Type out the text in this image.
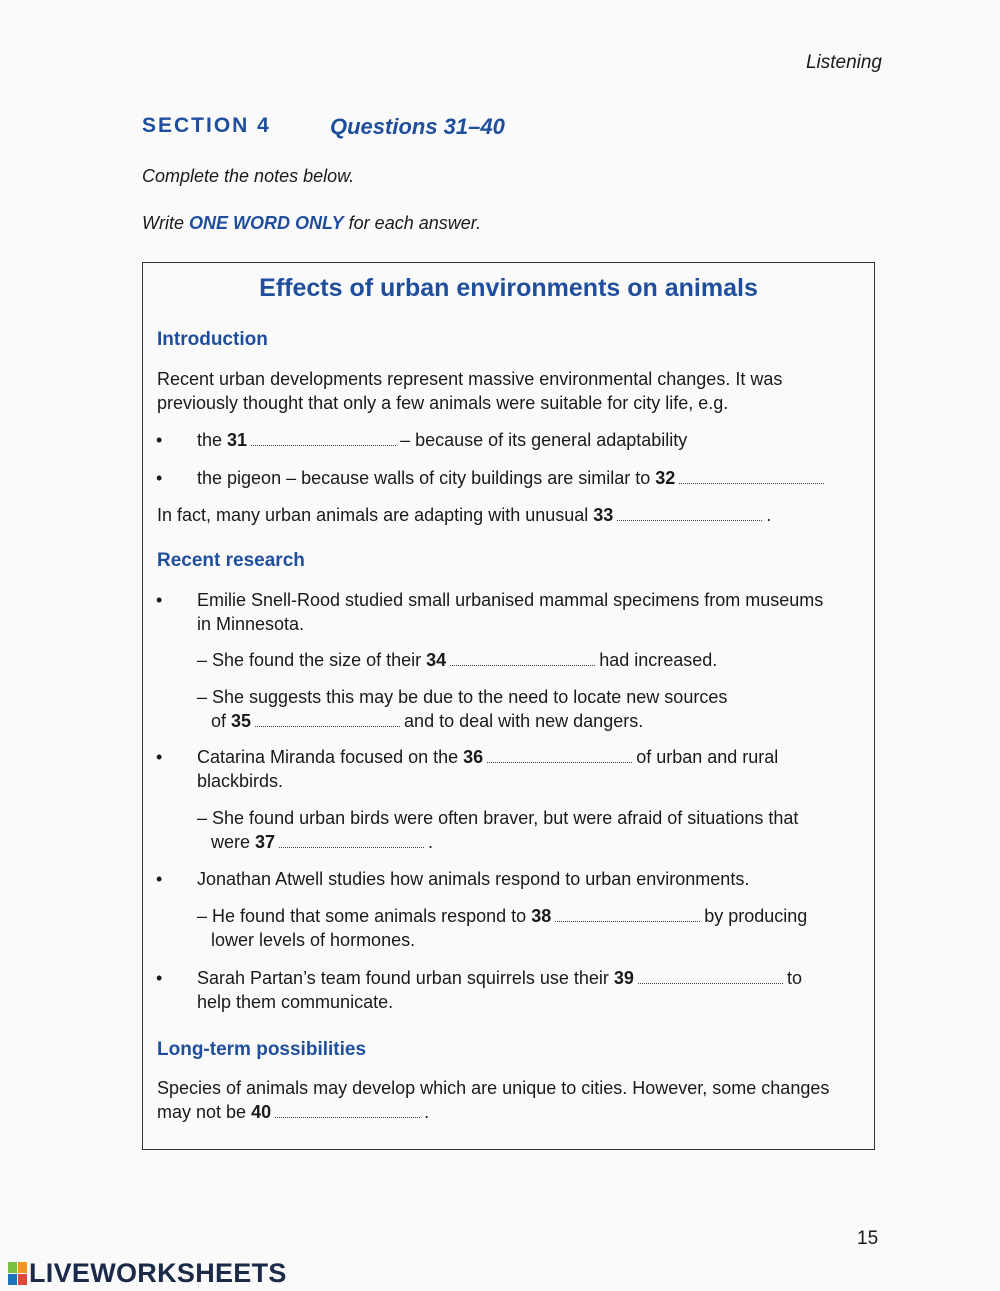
Listening
SECTION 4	Questions 31–40
Complete the notes below.
Write ONE WORD ONLY for each answer.
Effects of urban environments on animals
Introduction
Recent urban developments represent massive environmental changes. It was
previously thought that only a few animals were suitable for city life, e.g.
• the 31	– because of its general adaptability
• the pigeon – because walls of city buildings are similar to 32
In fact, many urban animals are adapting with unusual 33	.
Recent research
• Emilie Snell-Rood studied small urbanised mammal specimens from museums
in Minnesota.
– She found the size of their 34	had increased.
– She suggests this may be due to the need to locate new sources
of 35	and to deal with new dangers.
• Catarina Miranda focused on the 36	of urban and rural
blackbirds.
– She found urban birds were often braver, but were afraid of situations that
were 37	.
• Jonathan Atwell studies how animals respond to urban environments.
– He found that some animals respond to 38	by producing
lower levels of hormones.
• Sarah Partan’s team found urban squirrels use their 39	to
help them communicate.
Long-term possibilities
Species of animals may develop which are unique to cities. However, some changes
may not be 40	.
15
LIVEWORKSHEETS
